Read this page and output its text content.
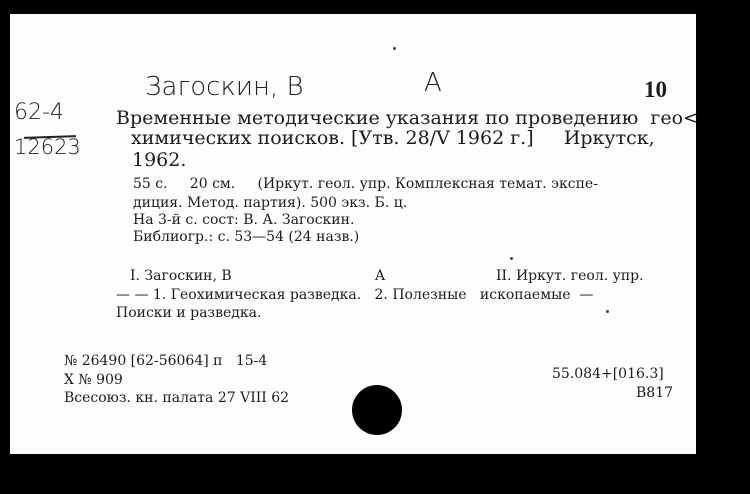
62-4
12623
Загоскин, В	A	10
Временные методические указания по проведению  гео<
химических поисков. [Утв. 28/V 1962 г.]     Иркутск,
1962.
55 с.     20 см.     (Иркут. геол. упр. Комплексная темат. экспе-
диция. Метод. партия). 500 экз. Б. ц.
На 3-й с. сост: В. А. Загоскин.
Библиогр.: с. 53—54 (24 назв.)
I. Загоскин, В	A	II. Иркут. геол. упр.
— — 1. Геохимическая разведка.   2. Полезные   ископаемые  —
Поиски и разведка.
№ 26490 [62-56064] п   15-4
Х № 909
Всесоюз. кн. палата 27 VIII 62
55.084+[016.3]
В817
